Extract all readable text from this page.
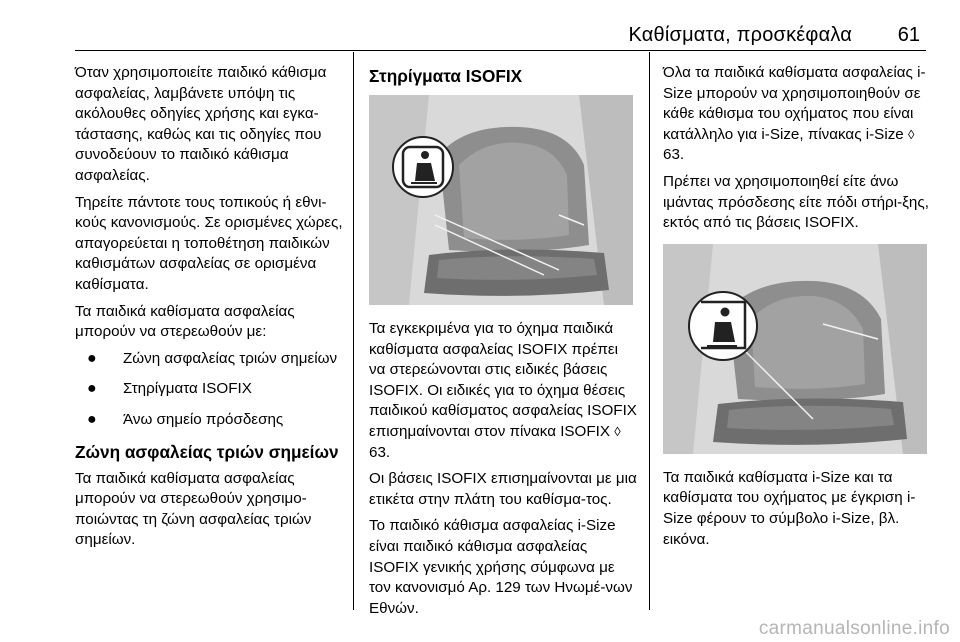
Καθίσματα, προσκέφαλα 61

Όταν χρησιμοποιείτε παιδικό κάθισμα ασφαλείας, λαμβάνετε υπόψη τις ακόλουθες οδηγίες χρήσης και εγκα-τάστασης, καθώς και τις οδηγίες που συνοδεύουν το παιδικό κάθισμα ασφαλείας.

Τηρείτε πάντοτε τους τοπικούς ή εθνι-κούς κανονισμούς. Σε ορισμένες χώρες, απαγορεύεται η τοποθέτηση παιδικών καθισμάτων ασφαλείας σε ορισμένα καθίσματα.

Τα παιδικά καθίσματα ασφαλείας μπορούν να στερεωθούν με:

● Ζώνη ασφαλείας τριών σημείων
● Στηρίγματα ISOFIX
● Άνω σημείο πρόσδεσης
Ζώνη ασφαλείας τριών σημείων

Τα παιδικά καθίσματα ασφαλείας μπορούν να στερεωθούν χρησιμο-ποιώντας τη ζώνη ασφαλείας τριών σημείων.

Στηρίγματα ISOFIX

Τα εγκεκριμένα για το όχημα παιδικά καθίσματα ασφαλείας ISOFIX πρέπει να στερεώνονται στις ειδικές βάσεις ISOFIX. Οι ειδικές για το όχημα θέσεις παιδικού καθίσματος ασφαλείας ISOFIX επισημαίνονται στον πίνακα ISOFIX ◊ 63.

Οι βάσεις ISOFIX επισημαίνονται με μια ετικέτα στην πλάτη του καθίσμα-τος.

Το παιδικό κάθισμα ασφαλείας i-Size είναι παιδικό κάθισμα ασφαλείας ISOFIX γενικής χρήσης σύμφωνα με τον κανονισμό Αρ. 129 των Ηνωμέ-νων Εθνών.

Όλα τα παιδικά καθίσματα ασφαλείας i-Size μπορούν να χρησιμοποιηθούν σε κάθε κάθισμα του οχήματος που είναι κατάλληλο για i-Size, πίνακας i-Size ◊ 63.

Πρέπει να χρησιμοποιηθεί είτε άνω ιμάντας πρόσδεσης είτε πόδι στήρι-ξης, εκτός από τις βάσεις ISOFIX.

Τα παιδικά καθίσματα i-Size και τα καθίσματα του οχήματος με έγκριση i-Size φέρουν το σύμβολο i-Size, βλ. εικόνα.

carmanualsonline.info
